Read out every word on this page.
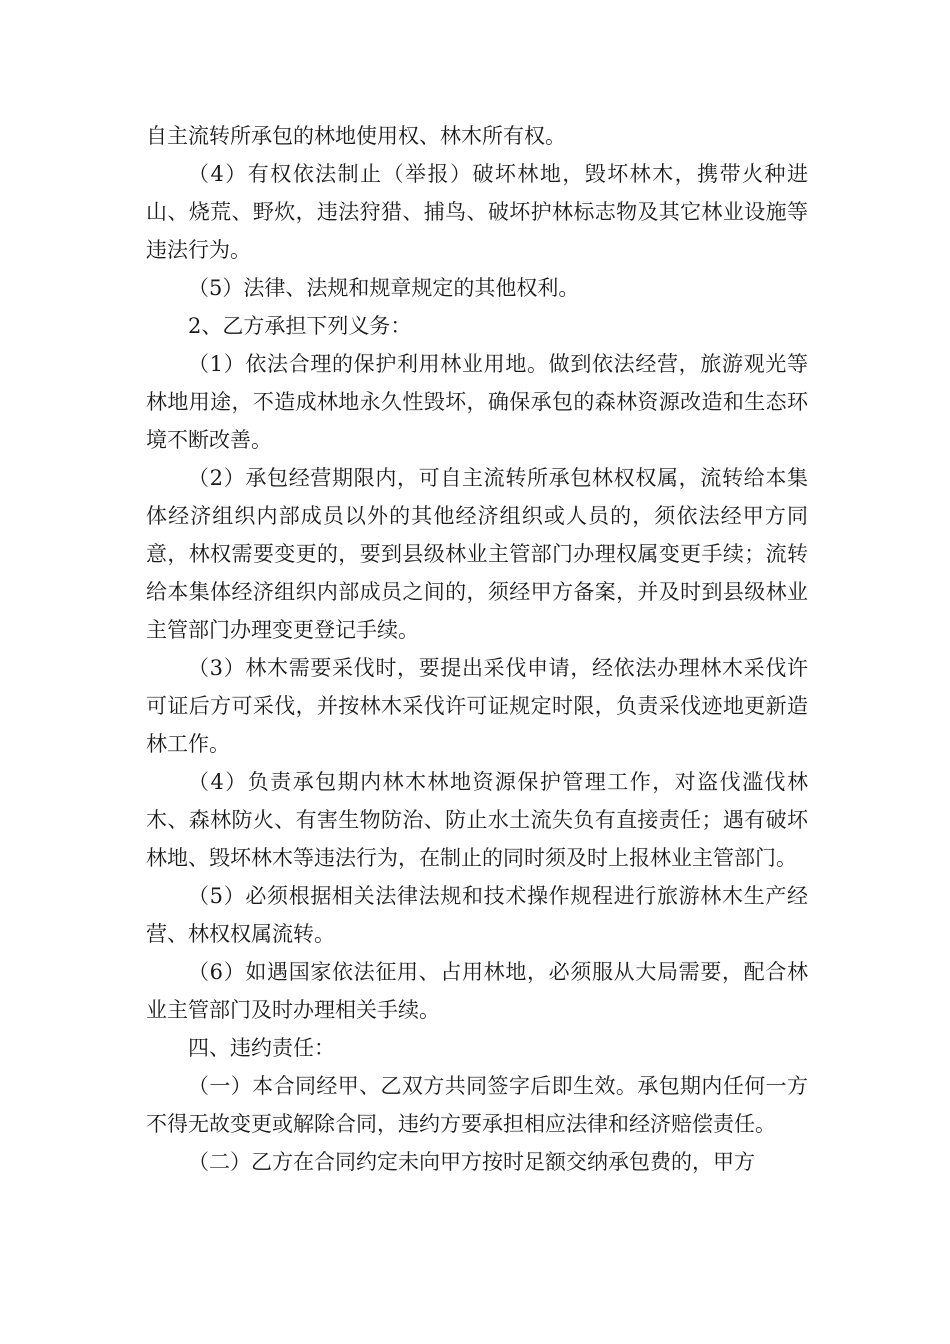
自主流转所承包的林地使用权、林木所有权。

（4）有权依法制止（举报）破坏林地，毁坏林木，携带火种进山、烧荒、野炊，违法狩猎、捕鸟、破坏护林标志物及其它林业设施等违法行为。

（5）法律、法规和规章规定的其他权利。

2、乙方承担下列义务：

（1）依法合理的保护利用林业用地。做到依法经营，旅游观光等林地用途，不造成林地永久性毁坏，确保承包的森林资源改造和生态环境不断改善。

（2）承包经营期限内，可自主流转所承包林权权属，流转给本集体经济组织内部成员以外的其他经济组织或人员的，须依法经甲方同意，林权需要变更的，要到县级林业主管部门办理权属变更手续；流转给本集体经济组织内部成员之间的，须经甲方备案，并及时到县级林业主管部门办理变更登记手续。

（3）林木需要采伐时，要提出采伐申请，经依法办理林木采伐许可证后方可采伐，并按林木采伐许可证规定时限，负责采伐迹地更新造林工作。

（4）负责承包期内林木林地资源保护管理工作，对盗伐滥伐林木、森林防火、有害生物防治、防止水土流失负有直接责任；遇有破坏林地、毁坏林木等违法行为，在制止的同时须及时上报林业主管部门。

（5）必须根据相关法律法规和技术操作规程进行旅游林木生产经营、林权权属流转。

（6）如遇国家依法征用、占用林地，必须服从大局需要，配合林业主管部门及时办理相关手续。

四、违约责任：

（一）本合同经甲、乙双方共同签字后即生效。承包期内任何一方不得无故变更或解除合同，违约方要承担相应法律和经济赔偿责任。

（二）乙方在合同约定未向甲方按时足额交纳承包费的，甲方
